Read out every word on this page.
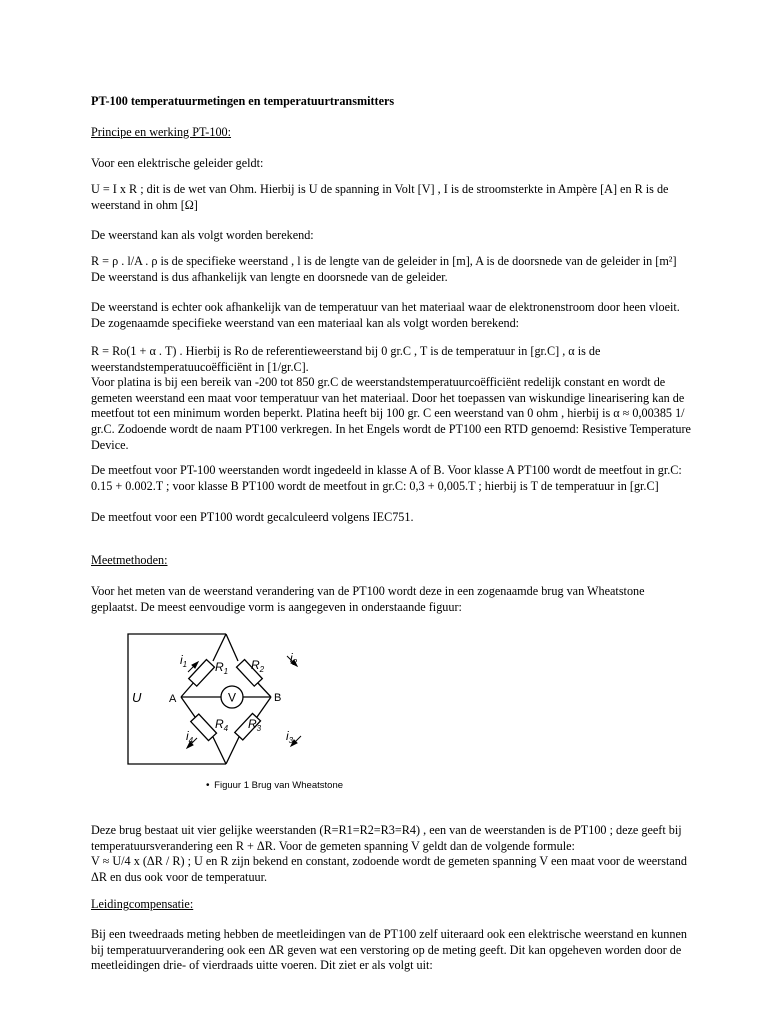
PT-100 temperatuurmetingen en temperatuurtransmitters

Principe en werking PT-100:

Voor een elektrische geleider geldt:

U = I x R ; dit is de wet van Ohm. Hierbij is U de spanning in Volt [V] , I is de stroomsterkte in Ampère [A] en R is de weerstand in ohm [Ω]

De weerstand kan als volgt worden berekend:

R = ρ . l/A . ρ is de specifieke weerstand , l is de lengte van de geleider in [m], A is de doorsnede van de geleider in [m²]

De weerstand is dus afhankelijk van lengte en doorsnede van de geleider.

De weerstand is echter ook afhankelijk van de temperatuur van het materiaal waar de elektronenstroom door heen vloeit. De zogenaamde specifieke weerstand van een materiaal kan als volgt worden berekend:

R = Ro(1 + α . T) . Hierbij is Ro de referentieweerstand bij 0 gr.C , T is de temperatuur in [gr.C] , α is de weerstandstemperatuucoëfficiënt in [1/gr.C].

Voor platina is bij een bereik van -200 tot 850 gr.C de weerstandstemperatuurcoëfficiënt redelijk constant en wordt de gemeten weerstand een maat voor temperatuur van het materiaal. Door het toepassen van wiskundige linearisering kan de meetfout tot een minimum worden beperkt. Platina heeft bij 100 gr. C een weerstand van 0 ohm , hierbij is α ≈ 0,00385 1/ gr.C. Zodoende wordt de naam PT100 verkregen. In het Engels wordt de PT100 een RTD genoemd: Resistive Temperature Device.

De meetfout voor PT-100 weerstanden wordt ingedeeld in klasse A of B. Voor klasse A PT100 wordt de meetfout in gr.C: 0.15 + 0.002.T ; voor klasse B PT100 wordt de meetfout in gr.C: 0,3 + 0,005.T ; hierbij is T de temperatuur in [gr.C]

De meetfout voor een PT100 wordt gecalculeerd volgens IEC751.

Meetmethoden:

Voor het meten van de weerstand verandering van de PT100 wordt deze in een zogenaamde brug van Wheatstone geplaatst. De meest eenvoudige vorm is aangegeven in onderstaande figuur:

V
U	A	B
$R_1$ $R_2$
$R_4$ $R_3$
$i_1$	$i_2$
$i_4$	$i_3$
• Figuur 1 Brug van Wheatstone

Deze brug bestaat uit vier gelijke weerstanden (R=R1=R2=R3=R4) , een van de weerstanden is de PT100 ; deze geeft bij temperatuursverandering een R + ΔR. Voor de gemeten spanning V geldt dan de volgende formule:

V ≈ U/4 x (ΔR / R) ; U en R zijn bekend en constant, zodoende wordt de gemeten spanning V een maat voor de weerstand ΔR en dus ook voor de temperatuur.

Leidingcompensatie:

Bij een tweedraads meting hebben de meetleidingen van de PT100 zelf uiteraard ook een elektrische weerstand en kunnen bij temperatuurverandering ook een ΔR geven wat een verstoring op de meting geeft. Dit kan opgeheven worden door de meetleidingen drie- of vierdraads uitte voeren. Dit ziet er als volgt uit:
